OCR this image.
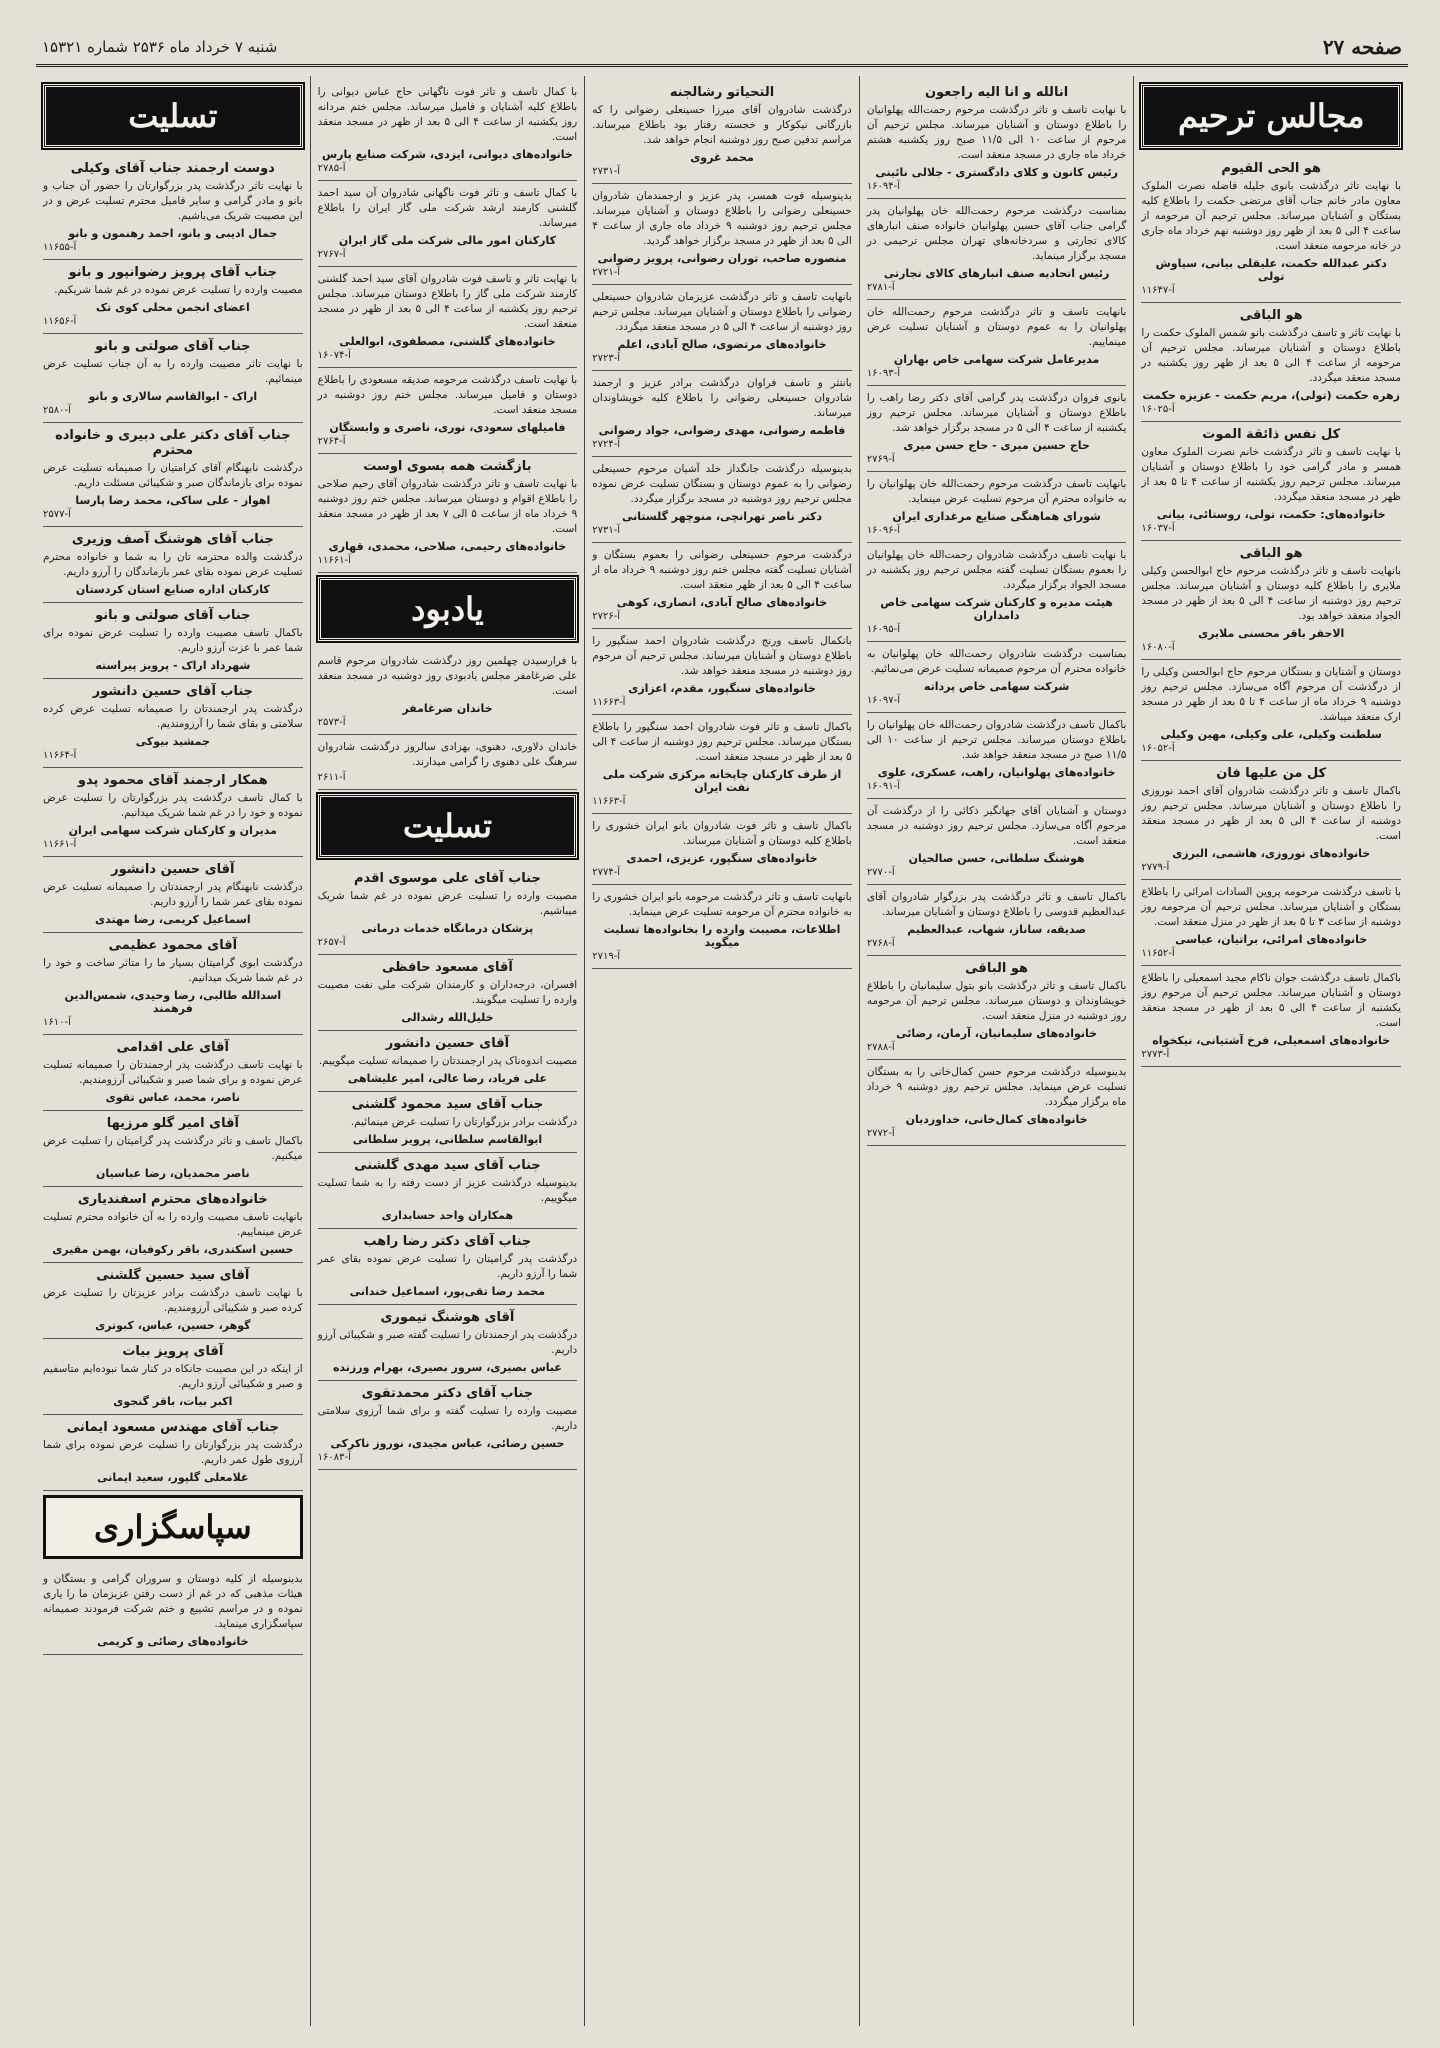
صفحه ۲۷
شنبه ۷ خرداد ماه ۲۵۳۶ شماره ۱۵۳۲۱
مجالس ترحیم
هو الحی القیوم

با نهایت تاثر درگذشت بانوی جلیله فاضله نصرت الملوک معاون مادر خانم جناب آقای مرتضی حکمت را باطلاع کلیه بستگان و آشنایان میرساند. مجلس ترحیم آن مرحومه از ساعت ۴ الی ۵ بعد از ظهر روز دوشنبه نهم خرداد ماه جاری در خانه مرحومه منعقد است.

دکتر عبدالله حکمت، علیقلی بیانی، سیاوش تولی
آ-۱۱۶۴۷
هو الباقی

با نهایت تاثر و تاسف درگذشت بانو شمس الملوک حکمت را باطلاع دوستان و آشنایان میرساند. مجلس ترحیم آن مرحومه از ساعت ۴ الی ۵ بعد از ظهر روز یکشنبه در مسجد منعقد میگردد.

زهره حکمت (تولی)، مریم حکمت - عزیزه حکمت
آ-۱۶۰۲۵
کل نفس ذائقة الموت

با نهایت تاسف و تاثر درگذشت خانم نصرت الملوک معاون همسر و مادر گرامی خود را باطلاع دوستان و آشنایان میرساند. مجلس ترحیم روز یکشنبه از ساعت ۴ تا ۵ بعد از ظهر در مسجد منعقد میگردد.

خانواده‌های: حکمت، تولی، روستائی، بیانی
آ-۱۶۰۳۷
هو الباقی

بانهایت تاسف و تاثر درگذشت مرحوم حاج ابوالحسن وکیلی ملایری را باطلاع کلیه دوستان و آشنایان میرساند. مجلس ترحیم روز دوشنبه از ساعت ۴ الی ۵ بعد از ظهر در مسجد الجواد منعقد خواهد بود.

الاحقر باقر محسنی ملایری
آ-۱۶۰۸۰

دوستان و آشنایان و بستگان مرحوم حاج ابوالحسن وکیلی را از درگذشت آن مرحوم آگاه می‌سازد. مجلس ترحیم روز دوشنبه ۹ خرداد ماه از ساعت ۴ تا ۵ بعد از ظهر در مسجد ارک منعقد میباشد.

سلطنت وکیلی، علی وکیلی، مهین وکیلی
آ-۱۶۰۵۲
کل من علیها فان

باکمال تاسف و تاثر درگذشت شادروان آقای احمد نوروزی را باطلاع دوستان و آشنایان میرساند. مجلس ترحیم روز دوشنبه از ساعت ۴ الی ۵ بعد از ظهر در مسجد منعقد است.

خانواده‌های نوروزی، هاشمی، البرزی
آ-۲۷۷۹

با تاسف درگذشت مرحومه پروین السادات امرائی را باطلاع بستگان و آشنایان میرساند. مجلس ترحیم آن مرحومه روز دوشنبه از ساعت ۳ تا ۵ بعد از ظهر در منزل منعقد است.

خانواده‌های امرائی، براتیان، عباسی
آ-۱۱۶۵۲

باکمال تاسف درگذشت جوان ناکام مجید اسمعیلی را باطلاع دوستان و آشنایان میرساند. مجلس ترحیم آن مرحوم روز یکشنبه از ساعت ۴ الی ۵ بعد از ظهر در مسجد منعقد است.

خانواده‌های اسمعیلی، فرخ آشتیانی، نیکخواه
آ-۲۷۷۳
انالله و انا الیه راجعون

با نهایت تاسف و تاثر درگذشت مرحوم رحمت‌الله پهلوانیان را باطلاع دوستان و آشنایان میرساند. مجلس ترحیم آن مرحوم از ساعت ۱۰ الی ۱۱/۵ صبح روز یکشنبه هشتم خرداد ماه جاری در مسجد منعقد است.

رئیس کانون و کلای دادگستری - جلالی نائینی
آ-۱۶۰۹۴

بمناسبت درگذشت مرحوم رحمت‌الله خان پهلوانیان پدر گرامی جناب آقای حسین پهلوانیان خانواده صنف انبارهای کالای تجارتی و سردخانه‌های تهران مجلس ترحیمی در مسجد برگزار مینماید.

رئیس اتحادیه صنف انبارهای کالای تجارتی
آ-۲۷۸۱

بانهایت تاسف و تاثر درگذشت مرحوم رحمت‌الله خان پهلوانیان را به عموم دوستان و آشنایان تسلیت عرض مینماییم.

مدیرعامل شرکت سهامی خاص بهاران
آ-۱۶۰۹۳

بانوی فروان درگذشت پدر گرامی آقای دکتر رضا راهب را باطلاع دوستان و آشنایان میرساند. مجلس ترحیم روز یکشنبه از ساعت ۴ الی ۵ در مسجد برگزار خواهد شد.

حاج حسین میری - حاج حسن میری
آ-۲۷۶۹

بانهایت تاسف درگذشت مرحوم رحمت‌الله خان پهلوانیان را به خانواده محترم آن مرحوم تسلیت عرض مینماید.

شورای هماهنگی صنایع مرغداری ایران
آ-۱۶۰۹۶

با نهایت تاسف درگذشت شادروان رحمت‌الله خان پهلوانیان را بعموم بستگان تسلیت گفته مجلس ترحیم روز یکشنبه در مسجد الجواد برگزار میگردد.

هیئت مدیره و کارکنان شرکت سهامی خاص دامداران
آ-۱۶۰۹۵

بمناسبت درگذشت شادروان رحمت‌الله خان پهلوانیان به خانواده محترم آن مرحوم صمیمانه تسلیت عرض می‌نمائیم.

شرکت سهامی خاص پرداته
آ-۱۶۰۹۷

باکمال تاسف درگذشت شادروان رحمت‌الله خان پهلوانیان را باطلاع دوستان میرساند. مجلس ترحیم از ساعت ۱۰ الی ۱۱/۵ صبح در مسجد منعقد خواهد شد.

خانواده‌های پهلوانیان، راهب، عسکری، علوی
آ-۱۶۰۹۱

دوستان و آشنایان آقای جهانگیر ذکائی را از درگذشت آن مرحوم آگاه می‌سازد. مجلس ترحیم روز دوشنبه در مسجد منعقد است.

هوشنگ سلطانی، حسن صالحیان
آ-۲۷۷۰

باکمال تاسف و تاثر درگذشت پدر بزرگوار شادروان آقای عبدالعظیم قدوسی را باطلاع دوستان و آشنایان میرساند.

صدیقه، ساناز، شهاب، عبدالعظیم
آ-۲۷۶۸
هو الباقی

باکمال تاسف و تاثر درگذشت بانو بتول سلیمانیان را باطلاع خویشاوندان و دوستان میرساند. مجلس ترحیم آن مرحومه روز دوشنبه در منزل منعقد است.

خانواده‌های سلیمانیان، آرمان، رضائی
آ-۲۷۸۸

بدینوسیله درگذشت مرحوم حسن کمال‌خانی را به بستگان تسلیت عرض مینماید. مجلس ترحیم روز دوشنبه ۹ خرداد ماه برگزار میگردد.

خانواده‌های کمال‌خانی، خداوردیان
آ-۲۷۷۲
التحیاتو رشالجنه

درگذشت شادروان آقای میرزا حسینعلی رضوانی را که بازرگانی نیکوکار و خجسته رفتار بود باطلاع میرساند. مراسم تدفین صبح روز دوشنبه انجام خواهد شد.

محمد غروی
آ-۲۷۳۱

بدینوسیله فوت همسر، پدر عزیز و ارجمندمان شادروان حسینعلی رضوانی را باطلاع دوستان و آشنایان میرساند. مجلس ترحیم روز دوشنبه ۹ خرداد ماه جاری از ساعت ۴ الی ۵ بعد از ظهر در مسجد برگزار خواهد گردید.

منصوره صاحب، توران رضوانی، پرویز رضوانی
آ-۲۷۲۱

بانهایت تاسف و تاثر درگذشت عزیزمان شادروان حسینعلی رضوانی را باطلاع دوستان و آشنایان میرساند. مجلس ترحیم روز دوشنبه از ساعت ۴ الی ۵ در مسجد منعقد میگردد.

خانواده‌های مرتضوی، صالح آبادی، اعلم
آ-۲۷۲۳

بانتثر و تاسف فراوان درگذشت برادر عزیز و ارجمند شادروان حسینعلی رضوانی را باطلاع کلیه خویشاوندان میرساند.

فاطمه رضوانی، مهدی رضوانی، جواد رضوانی
آ-۲۷۲۴

بدینوسیله درگذشت جانگداز خلد آشیان مرحوم حسینعلی رضوانی را به عموم دوستان و بستگان تسلیت عرض نموده مجلس ترحیم روز دوشنبه در مسجد برگزار میگردد.

دکتر ناصر تهرانچی، منوچهر گلستانی
آ-۲۷۳۱

درگذشت مرحوم حسینعلی رضوانی را بعموم بستگان و آشنایان تسلیت گفته مجلس ختم روز دوشنبه ۹ خرداد ماه از ساعت ۴ الی ۵ بعد از ظهر منعقد است.

خانواده‌های صالح آبادی، انصاری، کوهی
آ-۲۷۲۶

بانکمال تاسف ورنج درگذشت شادروان احمد سنگپور را باطلاع دوستان و آشنایان میرساند. مجلس ترحیم آن مرحوم روز دوشنبه در مسجد منعقد خواهد شد.

خانواده‌های سنگپور، مقدم، اعزازی
آ-۱۱۶۶۳

باکمال تاسف و تاثر فوت شادروان احمد سنگپور را باطلاع بستگان میرساند. مجلس ترحیم روز دوشنبه از ساعت ۴ الی ۵ بعد از ظهر در مسجد منعقد است.

از طرف کارکنان چاپخانه مرکزی شرکت ملی نفت ایران
آ-۱۱۶۶۳

باکمال تاسف و تاثر فوت شادروان بانو ایران خشوری را باطلاع کلیه دوستان و آشنایان میرساند.

خانواده‌های سنگپور، عزیزی، احمدی
آ-۲۷۷۴

بانهایت تاسف و تاثر درگذشت مرحومه بانو ایران خشوری را به خانواده محترم آن مرحومه تسلیت عرض مینماید.

اطلاعات، مصیبت وارده را بخانواده‌ها تسلیت میگوید
آ-۲۷۱۹

با کمال تاسف و تاثر فوت ناگهانی حاج عباس دیوانی را باطلاع کلیه آشنایان و فامیل میرساند. مجلس ختم مردانه روز یکشنبه از ساعت ۴ الی ۵ بعد از ظهر در مسجد منعقد است.

خانواده‌های دیوانی، ایزدی، شرکت صنایع پارس
آ-۲۷۸۵

با کمال تاسف و تاثر فوت ناگهانی شادروان آن سید احمد گلشنی کارمند ارشد شرکت ملی گاز ایران را باطلاع میرساند.

کارکنان امور مالی شرکت ملی گاز ایران
آ-۲۷۶۷

با نهایت تاثر و تاسف فوت شادروان آقای سید احمد گلشنی کارمند شرکت ملی گاز را باطلاع دوستان میرساند. مجلس ترحیم روز یکشنبه از ساعت ۴ الی ۵ بعد از ظهر در مسجد منعقد است.

خانواده‌های گلشنی، مصطفوی، ابوالعلی
آ-۱۶۰۷۴

با نهایت تاسف درگذشت مرحومه صدیقه مسعودی را باطلاع دوستان و فامیل میرساند. مجلس ختم روز دوشنبه در مسجد منعقد است.

فامیلهای سعودی، نوری، ناصری و وابستگان
آ-۲۷۶۴
بازگشت همه بسوی اوست

با نهایت تاسف و تاثر درگذشت شادروان آقای رحیم صلاحی را باطلاع اقوام و دوستان میرساند. مجلس ختم روز دوشنبه ۹ خرداد ماه از ساعت ۵ الی ۷ بعد از ظهر در مسجد منعقد است.

خانواده‌های رحیمی، صلاحی، محمدی، قهاری
آ-۱۱۶۶۱
یادبود

با فرارسیدن چهلمین روز درگذشت شادروان مرحوم قاسم علی ضرغامفر مجلس یادبودی روز دوشنبه در مسجد منعقد است.

خاندان ضرغامفر
آ-۲۵۷۳

خاندان دلاوری، دهنوی، بهزادی سالروز درگذشت شادروان سرهنگ علی دهنوی را گرامی میدارند.

آ-۲۶۱۱
تسلیت
جناب آقای علی موسوی اقدم

مصیبت وارده را تسلیت عرض نموده در غم شما شریک میباشیم.

پزشکان درمانگاه خدمات درمانی
آ-۲۶۵۷
آقای مسعود حافظی

افسران، درجه‌داران و کارمندان شرکت ملی نفت مصیبت وارده را تسلیت میگویند.

خلیل‌الله رشدالی
آقای حسین دانشور

مصیبت اندوه‌ناک پدر ارجمندتان را صمیمانه تسلیت میگوییم.

علی فریاد، رضا عالی، امیر علیشاهی
جناب آقای سید محمود گلشنی

درگذشت برادر بزرگوارتان را تسلیت عرض مینمائیم.

ابوالقاسم سلطانی، پرویز سلطانی
جناب آقای سید مهدی گلشنی

بدینوسیله درگذشت عزیز از دست رفته را به شما تسلیت میگوییم.

همکاران واحد حسابداری
جناب آقای دکتر رضا راهب

درگذشت پدر گرامیتان را تسلیت عرض نموده بقای عمر شما را آرزو داریم.

محمد رضا تقی‌پور، اسماعیل خندانی
آقای هوشنگ تیموری

درگذشت پدر ارجمندتان را تسلیت گفته صبر و شکیبائی آرزو داریم.

عباس بصیری، سرور بصیری، بهرام ورزنده
جناب آقای دکتر محمدتقوی

مصیبت وارده را تسلیت گفته و برای شما آرزوی سلامتی داریم.

حسین رضائی، عباس مجیدی، نوروز ناکرکی
آ-۱۶۰۸۳
تسلیت
دوست ارجمند جناب آقای وکیلی

با نهایت تاثر درگذشت پدر بزرگوارتان را حضور آن جناب و بانو و مادر گرامی و سایر فامیل محترم تسلیت عرض و در این مصیبت شریک می‌باشیم.

جمال ادیبی و بانو، احمد رهنمون و بانو
آ-۱۱۶۵۵
جناب آقای پرویز رضوانپور و بانو

مصیبت وارده را تسلیت عرض نموده در غم شما شریکیم.

اعضای انجمن محلی کوی تک
آ-۱۱۶۵۶
جناب آقای صولتی و بانو

با نهایت تاثر مصیبت وارده را به آن جناب تسلیت عرض مینمائیم.

اراک - ابوالقاسم سالاری و بانو
آ-۲۵۸۰
جناب آقای دکتر علی دبیری و خانواده محترم

درگذشت نابهنگام آقای کرامتیان را صمیمانه تسلیت عرض نموده برای بازماندگان صبر و شکیبائی مسئلت داریم.

اهواز - علی ساکی، محمد رضا پارسا
آ-۲۵۷۷
جناب آقای هوشنگ آصف وزیری

درگذشت والده محترمه تان را به شما و خانواده محترم تسلیت عرض نموده بقای عمر بازماندگان را آرزو داریم.

کارکنان اداره صنایع استان کردستان
جناب آقای صولتی و بانو

باکمال تاسف مصیبت وارده را تسلیت عرض نموده برای شما عمر با عزت آرزو داریم.

شهرداد اراک - پرویز پیراسته
جناب آقای حسین دانشور

درگذشت پدر ارجمندتان را صمیمانه تسلیت عرض کرده سلامتی و بقای شما را آرزومندیم.

جمشید بیوکی
آ-۱۱۶۶۴
همکار ارجمند آقای محمود پدو

با کمال تاسف درگذشت پدر بزرگوارتان را تسلیت عرض نموده و خود را در غم شما شریک میدانیم.

مدیران و کارکنان شرکت سهامی ایران
آ-۱۱۶۶۱
آقای حسین دانشور

درگذشت نابهنگام پدر ارجمندتان را صمیمانه تسلیت عرض نموده بقای عمر شما را آرزو داریم.

اسماعیل کریمی، رضا مهتدی
آقای محمود عظیمی

درگذشت ابوی گرامیتان بسیار ما را متاثر ساخت و خود را در غم شما شریک میدانیم.

اسدالله طالبی، رضا وحیدی، شمس‌الدین فرهمند
آ-۱۶۱۰
آقای علی اقدامی

با نهایت تاسف درگذشت پدر ارجمندتان را صمیمانه تسلیت عرض نموده و برای شما صبر و شکیبائی آرزومندیم.

ناصر، محمد، عباس تقوی
آقای امیر گلو مرزیها

باکمال تاسف و تاثر درگذشت پدر گرامیتان را تسلیت عرض میکنیم.

ناصر محمدیان، رضا عباسیان
خانواده‌های محترم اسفندیاری

بانهایت تاسف مصیبت وارده را به آن خانواده محترم تسلیت عرض مینماییم.

حسین اسکندری، باقر رکوفیان، بهمن مقیری
آقای سید حسین گلشنی

با نهایت تاسف درگذشت برادر عزیزتان را تسلیت عرض کرده صبر و شکیبائی آرزومندیم.

گوهر، حسین، عباس، کبوتری
آقای پرویز بیات

از اینکه در این مصیبت جانکاه در کنار شما نبوده‌ایم متاسفیم و صبر و شکیبائی آرزو داریم.

اکبر بیات، باقر گنجوی
جناب آقای مهندس مسعود ایمانی

درگذشت پدر بزرگوارتان را تسلیت عرض نموده برای شما آرزوی طول عمر داریم.

غلامعلی گلپور، سعید ایمانی
سپاسگزاری

بدینوسیله از کلیه دوستان و سروران گرامی و بستگان و هیئات مذهبی که در غم از دست رفتن عزیزمان ما را یاری نموده و در مراسم تشییع و ختم شرکت فرمودند صمیمانه سپاسگزاری مینماید.

خانواده‌های رضائی و کریمی
